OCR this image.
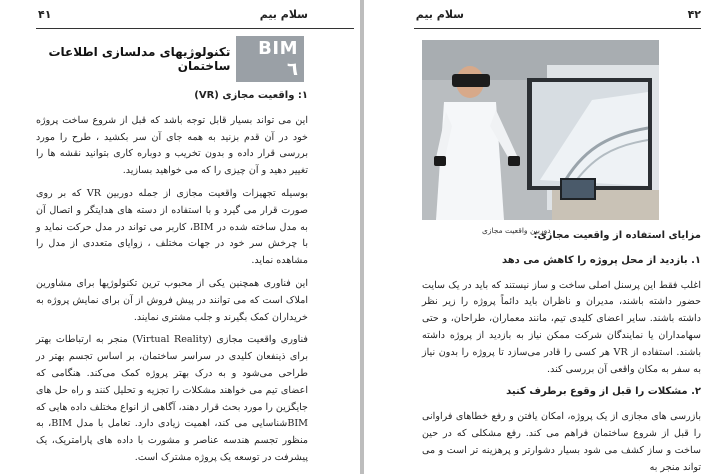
سلام بیم
۴۱
BIM ٦
تکنولوژیهای مدلسازی اطلاعات ساختمان
۱: واقعیت مجازی (VR)

این می تواند بسیار قابل توجه باشد که قبل از شروع ساخت پروژه خود در آن قدم بزنید به همه جای آن سر بکشید ، طرح را مورد بررسی قرار داده و بدون تخریب و دوباره کاری بتوانید نقشه ها را تغییر دهید و آن چیزی را که می خواهید بسازید.

بوسیله تجهیزات واقعیت مجازی از جمله دوربین VR که بر روی صورت قرار می گیرد و با استفاده از دسته های هدایتگر و اتصال آن به مدل ساخته شده در BIM، کاربر می تواند در مدل حرکت نماید و با چرخش سر خود در جهات مختلف ، زوایای متعددی از مدل را مشاهده نماید.

این فناوری همچنین یکی از محبوب ترین تکنولوژیها برای مشاورین املاک است که می توانند در پیش فروش از آن برای نمایش پروژه به خریداران کمک بگیرند و جلب مشتری نمایند.

فناوری واقعیت مجازی (Virtual Reality) منجر به ارتباطات بهتر برای ذینفعان کلیدی در سراسر ساختمان، بر اساس تجسم بهتر در طراحی می‌شود و به درک بهتر پروژه کمک می‌کند. هنگامی که اعضای تیم می خواهند مشکلات را تجزیه و تحلیل کنند و راه حل های جایگزین را مورد بحث قرار دهند، آگاهی از انواع مختلف داده هایی که BIMشناسایی می کند، اهمیت زیادی دارد. تعامل با مدل BIM، به منظور تجسم هندسه عناصر و مشورت با داده های پارامتریک، یک پیشرفت در توسعه یک پروژه مشترک است.

سلام بیم	۴۲
دوربین واقعیت مجازی
مزایای استفاده از واقعیت مجازی:
۱. بازدید از محل پروژه را کاهش می دهد

اغلب فقط این پرسنل اصلی ساخت و ساز نیستند که باید در یک سایت حضور داشته باشند، مدیران و ناظران باید دائماً پروژه را زیر نظر داشته باشند. سایر اعضای کلیدی تیم، مانند معماران، طراحان، و حتی سهامداران یا نمایندگان شرکت ممکن نیاز به بازدید از پروژه داشته باشند. استفاده از VR هر کسی را قادر می‌سازد تا پروژه را بدون نیاز به سفر به مکان واقعی آن بررسی کند.

۲. مشکلات را قبل از وقوع برطرف کنید

بازرسی های مجازی از یک پروژه، امکان یافتن و رفع خطاهای فراوانی را قبل از شروع ساختمان فراهم می کند. رفع مشکلی که در حین ساخت و ساز کشف می شود بسیار دشوارتر و پرهزینه تر است و می تواند منجر به
